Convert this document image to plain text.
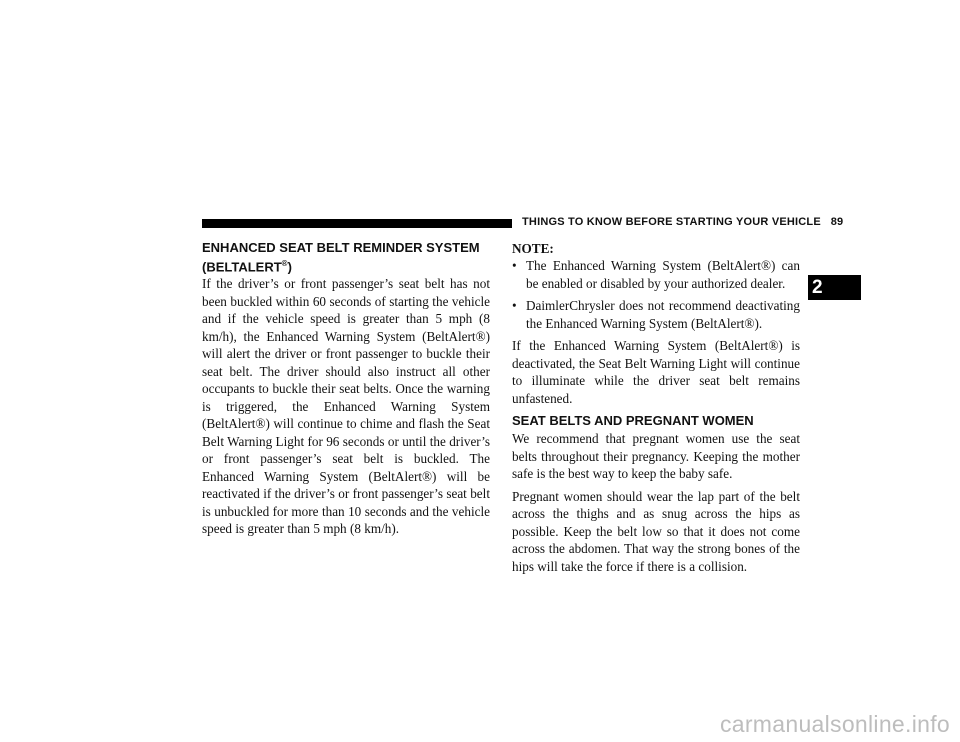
THINGS TO KNOW BEFORE STARTING YOUR VEHICLE 89
2
ENHANCED SEAT BELT REMINDER SYSTEM
(BELTALERT®)

If the driver’s or front passenger’s seat belt has not been buckled within 60 seconds of starting the vehicle and if the vehicle speed is greater than 5 mph (8 km/h), the Enhanced Warning System (BeltAlert®) will alert the driver or front passenger to buckle their seat belt. The driver should also instruct all other occupants to buckle their seat belts. Once the warning is triggered, the Enhanced Warning System (BeltAlert®) will continue to chime and flash the Seat Belt Warning Light for 96 seconds or until the driver’s or front passenger’s seat belt is buckled. The Enhanced Warning System (BeltAlert®) will be reactivated if the driver’s or front passenger’s seat belt is unbuckled for more than 10 seconds and the vehicle speed is greater than 5 mph (8 km/h).

NOTE:
• The Enhanced Warning System (BeltAlert®) can be enabled or disabled by your authorized dealer.
• DaimlerChrysler does not recommend deactivating the Enhanced Warning System (BeltAlert®).

If the Enhanced Warning System (BeltAlert®) is deactivated, the Seat Belt Warning Light will continue to illuminate while the driver seat belt remains unfastened.

SEAT BELTS AND PREGNANT WOMEN

We recommend that pregnant women use the seat belts throughout their pregnancy. Keeping the mother safe is the best way to keep the baby safe.

Pregnant women should wear the lap part of the belt across the thighs and as snug across the hips as possible. Keep the belt low so that it does not come across the abdomen. That way the strong bones of the hips will take the force if there is a collision.

carmanualsonline.info
